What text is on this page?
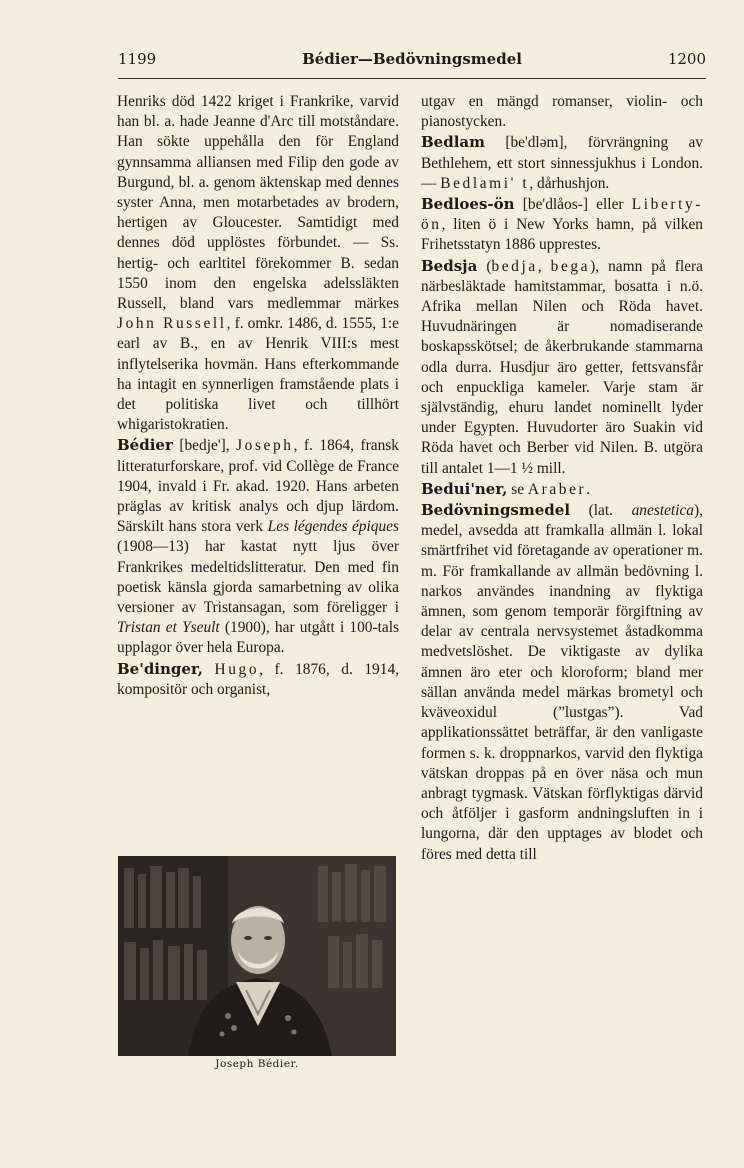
1199	Bédier—Bedövningsmedel	1200

Henriks död 1422 kriget i Frankrike, varvid han bl. a. hade Jeanne d'Arc till motståndare. Han sökte uppehålla den för England gynnsamma alliansen med Filip den gode av Burgund, bl. a. genom äktenskap med dennes syster Anna, men motarbetades av brodern, hertigen av Gloucester. Samtidigt med dennes död upplöstes förbundet. — Ss. hertig- och earltitel förekommer B. sedan 1550 inom den engelska adelssläkten Russell, bland vars medlemmar märkes John Russell, f. omkr. 1486, d. 1555, 1:e earl av B., en av Henrik VIII:s mest inflytelserika hovmän. Hans efterkommande ha intagit en synnerligen framstående plats i det politiska livet och tillhört whigaristokratien.

Bédier [bedje'], Joseph, f. 1864, fransk litteraturforskare, prof. vid Collège de France 1904, invald i Fr. akad. 1920. Hans arbeten präglas av kritisk analys och djup lärdom. Särskilt hans stora verk Les légendes épiques (1908—13) har kastat nytt ljus över Frankrikes medeltidslitteratur. Den med fin poetisk känsla gjorda samarbetning av olika versioner av Tristansagan, som föreligger i Tristan et Yseult (1900), har utgått i 100-tals upplagor över hela Europa.

Be'dinger, Hugo, f. 1876, d. 1914, kompositör och organist,

Joseph Bédier.

utgav en mängd romanser, violin- och pianostycken.

Bedlam [be'dləm], förvrängning av Bethlehem, ett stort sinnessjukhus i London. — Bedlami' t, dårhushjon.

Bedloes-ön [be'dlåos-] eller Liberty-ön, liten ö i New Yorks hamn, på vilken Frihetsstatyn 1886 upprestes.

Bedsja (bedja, bega), namn på flera närbesläktade hamitstammar, bosatta i n.ö. Afrika mellan Nilen och Röda havet. Huvudnäringen är nomadiserande boskapsskötsel; de åkerbrukande stammarna odla durra. Husdjur äro getter, fettsvansfår och enpuckliga kameler. Varje stam är självständig, ehuru landet nominellt lyder under Egypten. Huvudorter äro Suakin vid Röda havet och Berber vid Nilen. B. utgöra till antalet 1—1 ½ mill.

Bedui'ner, se Araber.

Bedövningsmedel (lat. anestetica), medel, avsedda att framkalla allmän l. lokal smärtfrihet vid företagande av operationer m. m. För framkallande av allmän bedövning l. narkos användes inandning av flyktiga ämnen, som genom temporär förgiftning av delar av centrala nervsystemet åstadkomma medvetslöshet. De viktigaste av dylika ämnen äro eter och kloroform; bland mer sällan använda medel märkas brometyl och kväveoxidul (”lustgas”). Vad applikationssättet beträffar, är den vanligaste formen s. k. droppnarkos, varvid den flyktiga vätskan droppas på en över näsa och mun anbragt tygmask. Vätskan förflyktigas därvid och åtföljer i gasform andningsluften in i lungorna, där den upptages av blodet och föres med detta till
